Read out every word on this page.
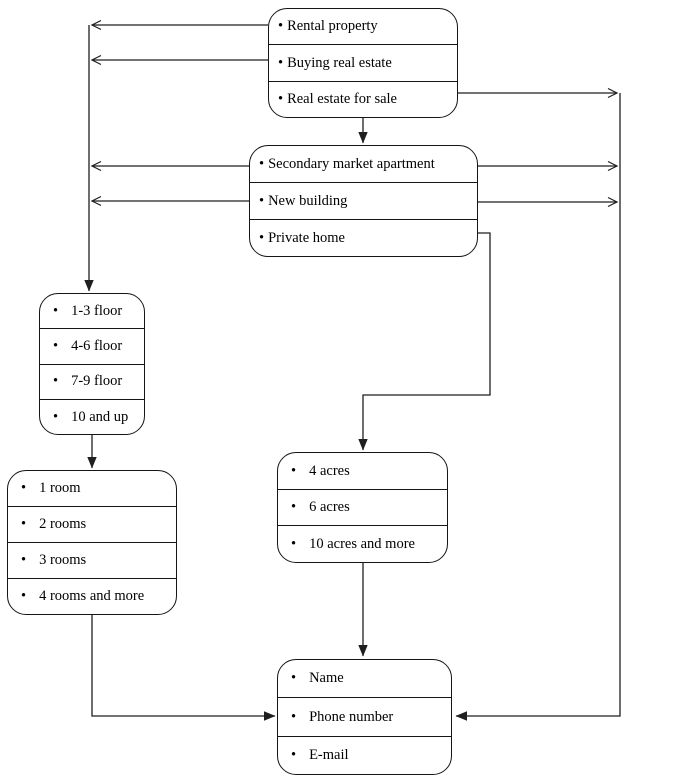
• Rental property
• Buying real estate
• Real estate for sale
• Secondary market apartment
• New building
• Private home
• 1-3 floor
• 4-6 floor
• 7-9 floor
• 10 and up
• 1 room
• 2 rooms
• 3 rooms
• 4 rooms and more
• 4 acres
• 6 acres
• 10 acres and more
• Name
• Phone number
• E-mail
